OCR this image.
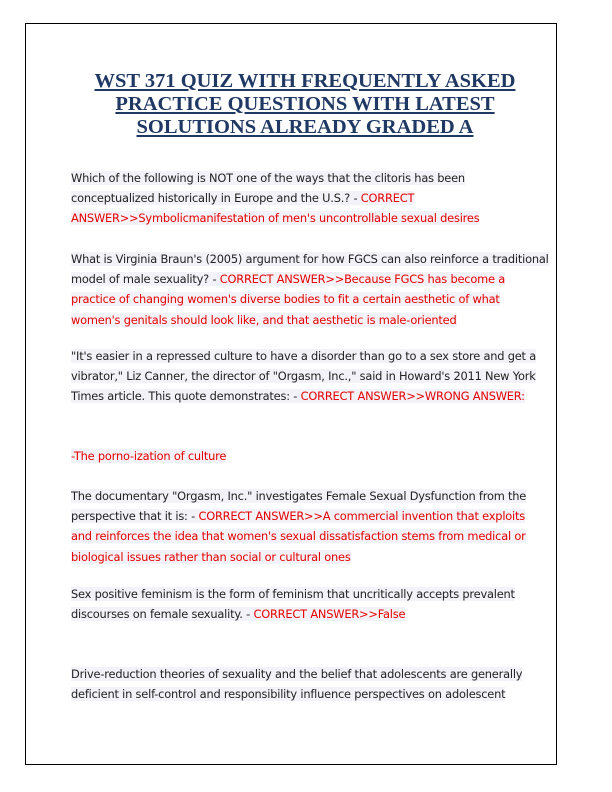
WST 371 QUIZ WITH FREQUENTLY ASKED PRACTICE QUESTIONS WITH LATEST SOLUTIONS ALREADY GRADED A

Which of the following is NOT one of the ways that the clitoris has been conceptualized historically in Europe and the U.S.? - CORRECT ANSWER>>Symbolicmanifestation of men's uncontrollable sexual desires

What is Virginia Braun's (2005) argument for how FGCS can also reinforce a traditional model of male sexuality? - CORRECT ANSWER>>Because FGCS has become a practice of changing women's diverse bodies to fit a certain aesthetic of what women's genitals should look like, and that aesthetic is male-oriented

"It's easier in a repressed culture to have a disorder than go to a sex store and get a vibrator," Liz Canner, the director of "Orgasm, Inc.," said in Howard's 2011 New York Times article. This quote demonstrates: - CORRECT ANSWER>>WRONG ANSWER:

-The porno-ization of culture

The documentary "Orgasm, Inc." investigates Female Sexual Dysfunction from the perspective that it is: - CORRECT ANSWER>>A commercial invention that exploits and reinforces the idea that women's sexual dissatisfaction stems from medical or biological issues rather than social or cultural ones

Sex positive feminism is the form of feminism that uncritically accepts prevalent discourses on female sexuality. - CORRECT ANSWER>>False

Drive-reduction theories of sexuality and the belief that adolescents are generally deficient in self-control and responsibility influence perspectives on adolescent
